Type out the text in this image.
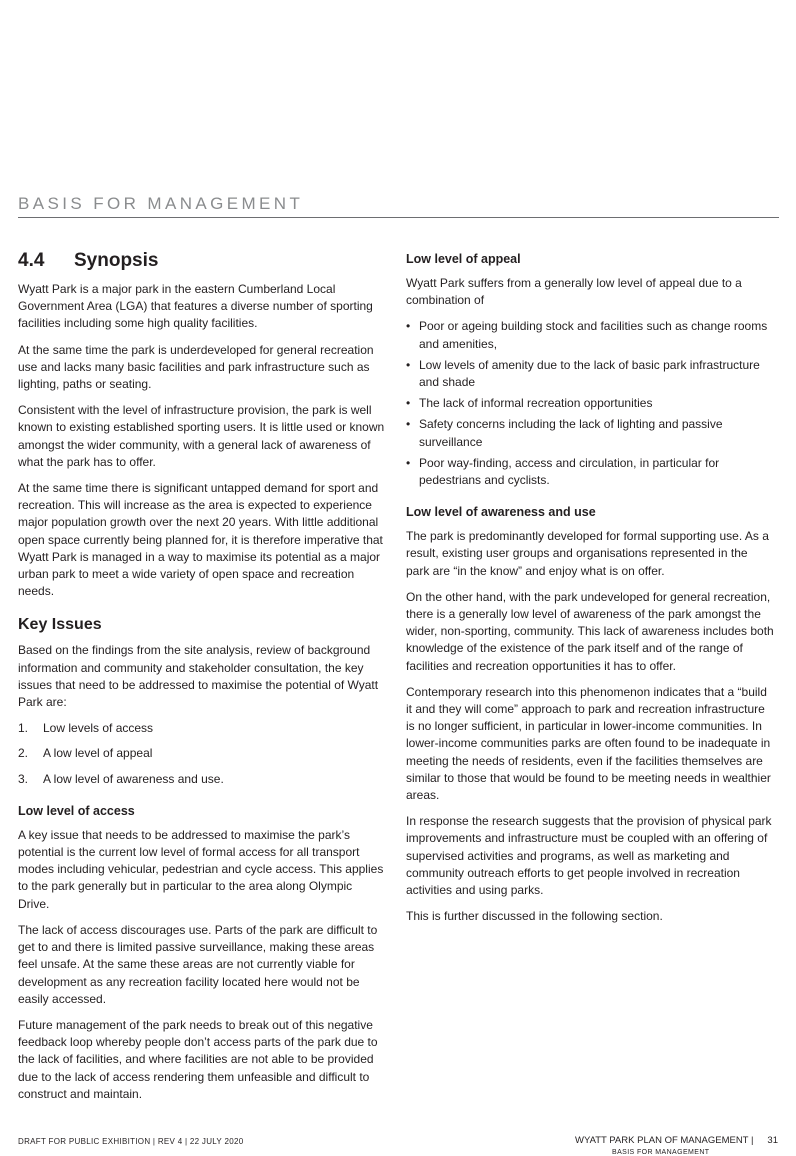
BASIS FOR MANAGEMENT
4.4 Synopsis

Wyatt Park is a major park in the eastern Cumberland Local Government Area (LGA) that features a diverse number of sporting facilities including some high quality facilities.

At the same time the park is underdeveloped for general recreation use and lacks many basic facilities and park infrastructure such as lighting, paths or seating.

Consistent with the level of infrastructure provision, the park is well known to existing established sporting users. It is little used or known amongst the wider community, with a general lack of awareness of what the park has to offer.

At the same time there is significant untapped demand for sport and recreation. This will increase as the area is expected to experience major population growth over the next 20 years. With little additional open space currently being planned for, it is therefore imperative that Wyatt Park is managed in a way to maximise its potential as a major urban park to meet a wide variety of open space and recreation needs.

Key Issues

Based on the findings from the site analysis, review of background information and community and stakeholder consultation, the key issues that need to be addressed to maximise the potential of Wyatt Park are:

1.	Low levels of access
2.	A low level of appeal
3.	A low level of awareness and use.
Low level of access

A key issue that needs to be addressed to maximise the park’s potential is the current low level of formal access for all transport modes including vehicular, pedestrian and cycle access. This applies to the park generally but in particular to the area along Olympic Drive.

The lack of access discourages use. Parts of the park are difficult to get to and there is limited passive surveillance, making these areas feel unsafe. At the same these areas are not currently viable for development as any recreation facility located here would not be easily accessed.

Future management of the park needs to break out of this negative feedback loop whereby people don’t access parts of the park due to the lack of facilities, and where facilities are not able to be provided due to the lack of access rendering them unfeasible and difficult to construct and maintain.

Low level of appeal

Wyatt Park suffers from a generally low level of appeal due to a combination of

• Poor or ageing building stock and facilities such as change rooms and amenities,
• Low levels of amenity due to the lack of basic park infrastructure and shade
• The lack of informal recreation opportunities
• Safety concerns including the lack of lighting and passive surveillance
• Poor way-finding, access and circulation, in particular for pedestrians and cyclists.
Low level of awareness and use

The park is predominantly developed for formal supporting use. As a result, existing user groups and organisations represented in the park are “in the know” and enjoy what is on offer.

On the other hand, with the park undeveloped for general recreation, there is a generally low level of awareness of the park amongst the wider, non-sporting, community. This lack of awareness includes both knowledge of the existence of the park itself and of the range of facilities and recreation opportunities it has to offer.

Contemporary research into this phenomenon indicates that a “build it and they will come” approach to park and recreation infrastructure is no longer sufficient, in particular in lower-income communities. In lower-income communities parks are often found to be inadequate in meeting the needs of residents, even if the facilities themselves are similar to those that would be found to be meeting needs in wealthier areas.

In response the research suggests that the provision of physical park improvements and infrastructure must be coupled with an offering of supervised activities and programs, as well as marketing and community outreach efforts to get people involved in recreation activities and using parks.

This is further discussed in the following section.

DRAFT FOR PUBLIC EXHIBITION | REV 4 | 22 JULY 2020	WYATT PARK PLAN OF MANAGEMENT | 31
BASIS FOR MANAGEMENT
